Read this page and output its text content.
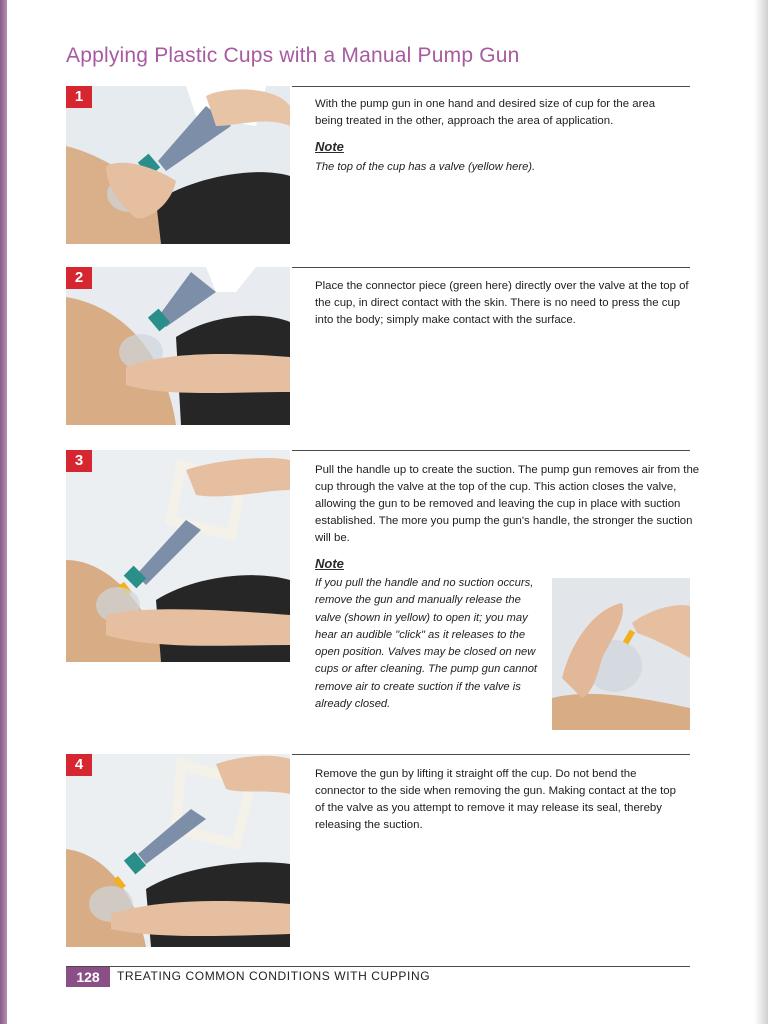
Applying Plastic Cups with a Manual Pump Gun
1	With the pump gun in one hand and desired size of cup for the area being treated in the other, approach the area of application.
Note
The top of the cup has a valve (yellow here).
2	Place the connector piece (green here) directly over the valve at the top of the cup, in direct contact with the skin. There is no need to press the cup into the body; simply make contact with the surface.
3
Pull the handle up to create the suction. The pump gun removes air from the cup through the valve at the top of the cup. This action closes the valve, allowing the gun to be removed and leaving the cup in place with suction established. The more you pump the gun's handle, the stronger the suction will be.
Note
If you pull the handle and no suction occurs, remove the gun and manually release the valve (shown in yellow) to open it; you may hear an audible "click" as it releases to the open position. Valves may be closed on new cups or after cleaning. The pump gun cannot remove air to create suction if the valve is already closed.
4
Remove the gun by lifting it straight off the cup. Do not bend the connector to the side when removing the gun. Making contact at the top of the valve as you attempt to remove it may release its seal, thereby releasing the suction.
128	TREATING COMMON CONDITIONS WITH CUPPING
